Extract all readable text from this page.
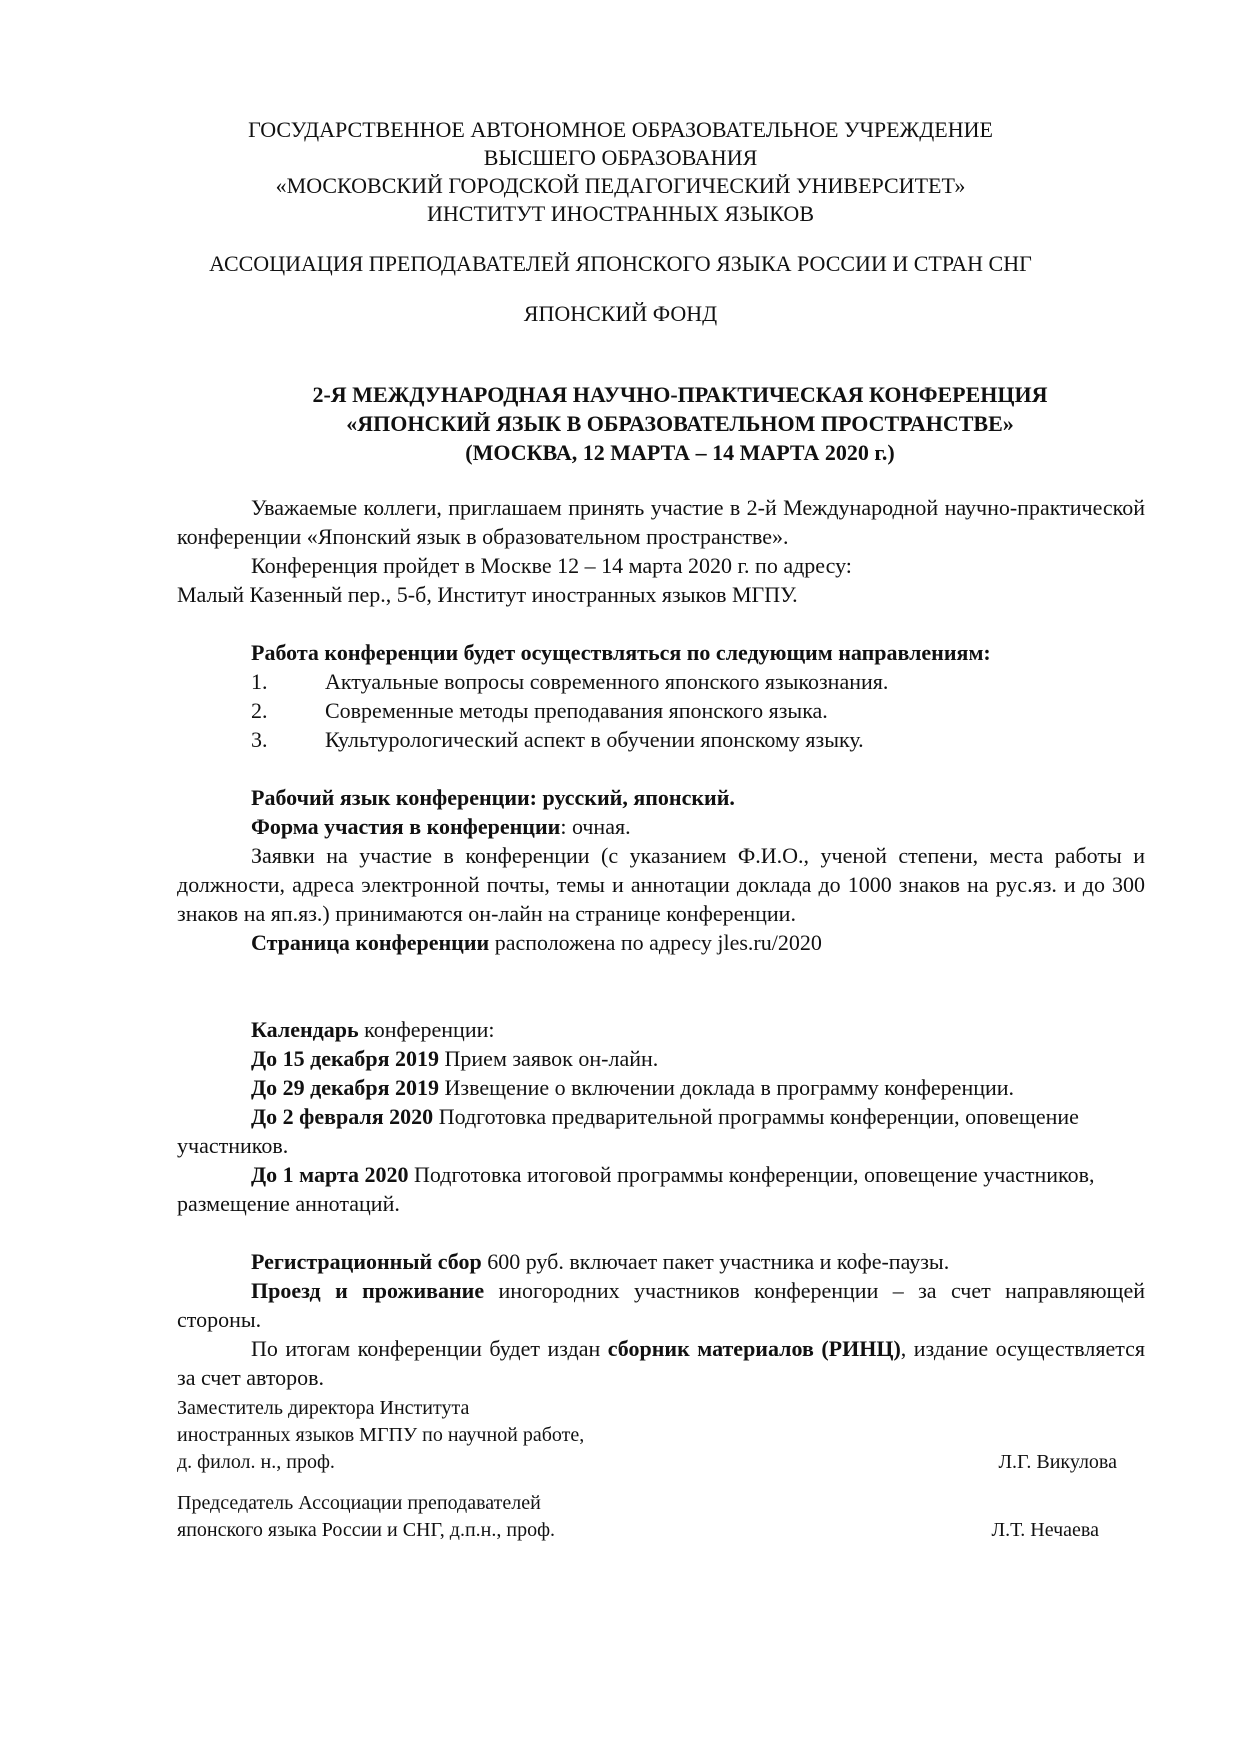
ГОСУДАРСТВЕННОЕ АВТОНОМНОЕ ОБРАЗОВАТЕЛЬНОЕ УЧРЕЖДЕНИЕ
ВЫСШЕГО ОБРАЗОВАНИЯ
«МОСКОВСКИЙ ГОРОДСКОЙ ПЕДАГОГИЧЕСКИЙ УНИВЕРСИТЕТ»
ИНСТИТУТ ИНОСТРАННЫХ ЯЗЫКОВ
АССОЦИАЦИЯ ПРЕПОДАВАТЕЛЕЙ ЯПОНСКОГО ЯЗЫКА РОССИИ И СТРАН СНГ
ЯПОНСКИЙ ФОНД
2-Я МЕЖДУНАРОДНАЯ НАУЧНО-ПРАКТИЧЕСКАЯ КОНФЕРЕНЦИЯ
«ЯПОНСКИЙ ЯЗЫК В ОБРАЗОВАТЕЛЬНОМ ПРОСТРАНСТВЕ»
(МОСКВА, 12 МАРТА – 14 МАРТА 2020 г.)

Уважаемые коллеги, приглашаем принять участие в 2-й Международной научно-практической конференции «Японский язык в образовательном пространстве».

Конференция пройдет в Москве 12 – 14 марта 2020 г. по адресу:

Малый Казенный пер., 5-б, Институт иностранных языков МГПУ.

Работа конференции будет осуществляться по следующим направлениям:

1.	Актуальные вопросы современного японского языкознания.
2.	Современные методы преподавания японского языка.
3.	Культурологический аспект в обучении японскому языку.

Рабочий язык конференции: русский, японский.

Форма участия в конференции: очная.

Заявки на участие в конференции (с указанием Ф.И.О., ученой степени, места работы и должности, адреса электронной почты, темы и аннотации доклада до 1000 знаков на рус.яз. и до 300 знаков на яп.яз.) принимаются он-лайн на странице конференции.

Страница конференции расположена по адресу jles.ru/2020

Календарь конференции:

До 15 декабря 2019 Прием заявок он-лайн.

До 29 декабря 2019 Извещение о включении доклада в программу конференции.

До 2 февраля 2020 Подготовка предварительной программы конференции, оповещение участников.

До 1 марта 2020 Подготовка итоговой программы конференции, оповещение участников, размещение аннотаций.

Регистрационный сбор 600 руб. включает пакет участника и кофе-паузы.

Проезд и проживание иногородних участников конференции – за счет направляющей стороны.

По итогам конференции будет издан сборник материалов (РИНЦ), издание осуществляется за счет авторов.

Заместитель директора Института
иностранных языков МГПУ по научной работе,
д. филол. н., проф.	Л.Г. Викулова
Председатель Ассоциации преподавателей
японского языка России и СНГ, д.п.н., проф.	Л.Т. Нечаева
